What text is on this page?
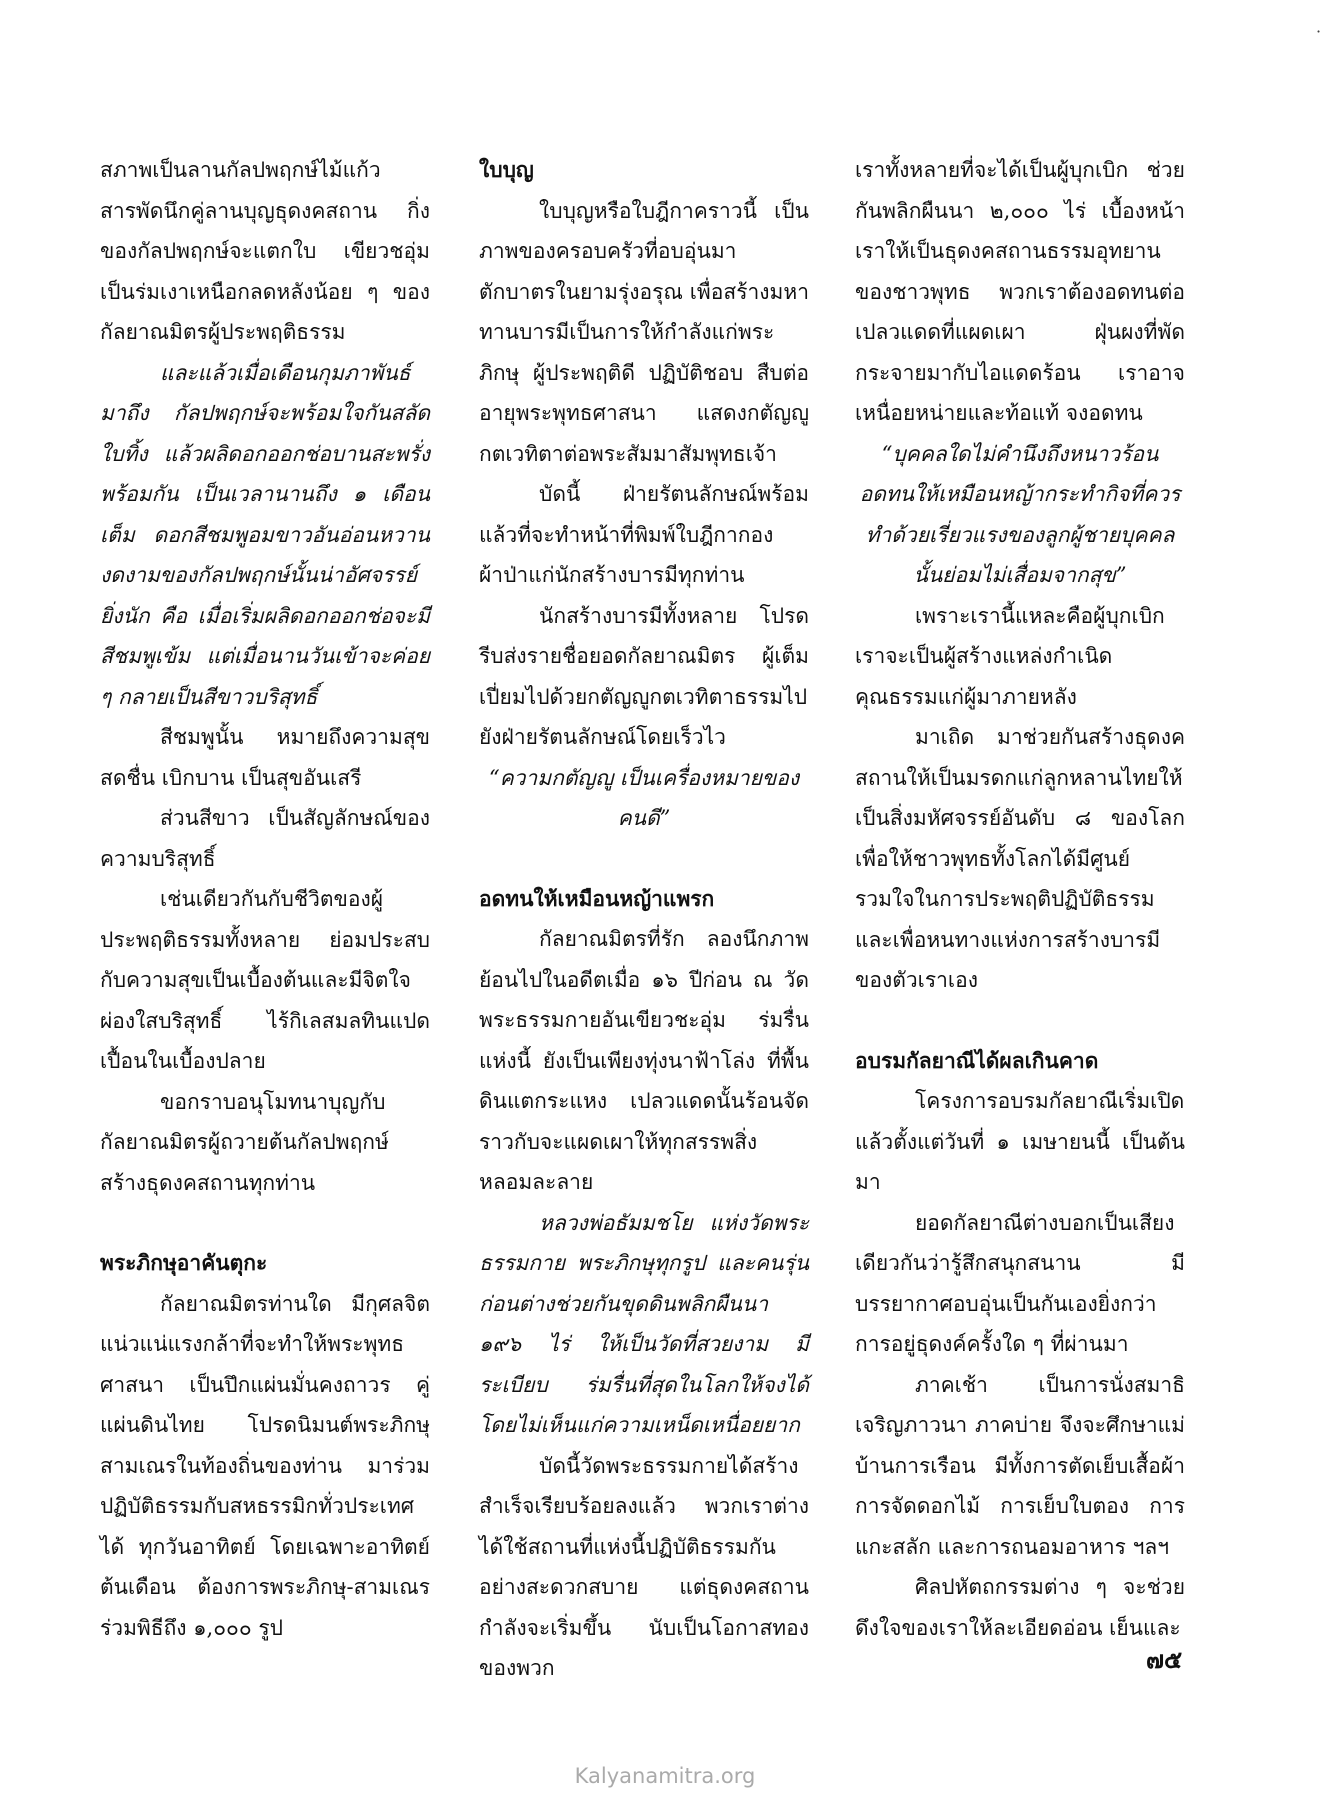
สภาพเป็นลานกัลปพฤกษ์ไม้แก้ว สารพัดนึกคู่ลานบุญธุดงคสถาน กิ่งของกัลปพฤกษ์จะแตกใบ เขียวชอุ่ม เป็นร่มเงาเหนือกลดหลังน้อย ๆ ของกัลยาณมิตรผู้ประพฤติธรรม

และแล้วเมื่อเดือนกุมภาพันธ์มาถึง กัลปพฤกษ์จะพร้อมใจกันสลัดใบทิ้ง แล้วผลิดอกออกช่อบานสะพรั่งพร้อมกัน เป็นเวลานานถึง ๑ เดือนเต็ม ดอกสีชมพูอมขาวอันอ่อนหวานงดงามของกัลปพฤกษ์นั้นน่าอัศจรรย์ยิ่งนัก คือ เมื่อเริ่มผลิดอกออกช่อจะมีสีชมพูเข้ม แต่เมื่อนานวันเข้าจะค่อย ๆ กลายเป็นสีขาวบริสุทธิ์

สีชมพูนั้น หมายถึงความสุขสดชื่น เบิกบาน เป็นสุขอันเสรี

ส่วนสีขาว เป็นสัญลักษณ์ของความบริสุทธิ์

เช่นเดียวกันกับชีวิตของผู้ประพฤติธรรมทั้งหลาย ย่อมประสบกับความสุขเป็นเบื้องต้นและมีจิตใจผ่องใสบริสุทธิ์ ไร้กิเลสมลทินแปดเปื้อนในเบื้องปลาย

ขอกราบอนุโมทนาบุญกับกัลยาณมิตรผู้ถวายต้นกัลปพฤกษ์สร้างธุดงคสถานทุกท่าน

พระภิกษุอาคันตุกะ

กัลยาณมิตรท่านใด มีกุศลจิตแน่วแน่แรงกล้าที่จะทำให้พระพุทธศาสนา เป็นปึกแผ่นมั่นคงถาวร คู่แผ่นดินไทย โปรดนิมนต์พระภิกษุสามเณรในท้องถิ่นของท่าน มาร่วมปฏิบัติธรรมกับสหธรรมิกทั่วประเทศ ได้ ทุกวันอาทิตย์ โดยเฉพาะอาทิตย์ต้นเดือน ต้องการพระภิกษุ-สามเณรร่วมพิธีถึง ๑,๐๐๐ รูป

ใบบุญ

ใบบุญหรือใบฎีกาคราวนี้ เป็นภาพของครอบครัวที่อบอุ่นมาตักบาตรในยามรุ่งอรุณ เพื่อสร้างมหาทานบารมีเป็นการให้กำลังแก่พระภิกษุ ผู้ประพฤติดี ปฏิบัติชอบ สืบต่ออายุพระพุทธศาสนา แสดงกตัญญูกตเวทิตาต่อพระสัมมาสัมพุทธเจ้า

บัดนี้ ฝ่ายรัตนลักษณ์พร้อมแล้วที่จะทำหน้าที่พิมพ์ใบฎีกากองผ้าป่าแก่นักสร้างบารมีทุกท่าน

นักสร้างบารมีทั้งหลาย โปรดรีบส่งรายชื่อยอดกัลยาณมิตร ผู้เต็มเปี่ยมไปด้วยกตัญญูกตเวทิตาธรรมไปยังฝ่ายรัตนลักษณ์โดยเร็วไว

“ความกตัญญู เป็นเครื่องหมายของคนดี”

อดทนให้เหมือนหญ้าแพรก

กัลยาณมิตรที่รัก ลองนึกภาพย้อนไปในอดีตเมื่อ ๑๖ ปีก่อน ณ วัดพระธรรมกายอันเขียวชะอุ่ม ร่มรื่นแห่งนี้ ยังเป็นเพียงทุ่งนาฟ้าโล่ง ที่พื้นดินแตกระแหง เปลวแดดนั้นร้อนจัดราวกับจะแผดเผาให้ทุกสรรพสิ่งหลอมละลาย

หลวงพ่อธัมมชโย แห่งวัดพระธรรมกาย พระภิกษุทุกรูป และคนรุ่นก่อนต่างช่วยกันขุดดินพลิกผืนนา ๑๙๖ ไร่ ให้เป็นวัดที่สวยงาม มีระเบียบ ร่มรื่นที่สุดในโลกให้จงได้ โดยไม่เห็นแก่ความเหน็ดเหนื่อยยาก

บัดนี้วัดพระธรรมกายได้สร้างสำเร็จเรียบร้อยลงแล้ว พวกเราต่างได้ใช้สถานที่แห่งนี้ปฏิบัติธรรมกันอย่างสะดวกสบาย แต่ธุดงคสถานกำลังจะเริ่มขึ้น นับเป็นโอกาสทองของพวก

เราทั้งหลายที่จะได้เป็นผู้บุกเบิก ช่วยกันพลิกผืนนา ๒,๐๐๐ ไร่ เบื้องหน้าเราให้เป็นธุดงคสถานธรรมอุทยานของชาวพุทธ พวกเราต้องอดทนต่อเปลวแดดที่แผดเผา ฝุ่นผงที่พัดกระจายมากับไอแดดร้อน เราอาจเหนื่อยหน่ายและท้อแท้ จงอดทน

“บุคคลใดไม่คำนึงถึงหนาวร้อนอดทนให้เหมือนหญ้ากระทำกิจที่ควรทำด้วยเรี่ยวแรงของลูกผู้ชายบุคคลนั้นย่อมไม่เสื่อมจากสุข”

เพราะเรานี้แหละคือผู้บุกเบิกเราจะเป็นผู้สร้างแหล่งกำเนิดคุณธรรมแก่ผู้มาภายหลัง

มาเถิด มาช่วยกันสร้างธุดงคสถานให้เป็นมรดกแก่ลูกหลานไทยให้เป็นสิ่งมหัศจรรย์อันดับ ๘ ของโลกเพื่อให้ชาวพุทธทั้งโลกได้มีศูนย์รวมใจในการประพฤติปฏิบัติธรรม และเพื่อหนทางแห่งการสร้างบารมีของตัวเราเอง

อบรมกัลยาณีได้ผลเกินคาด

โครงการอบรมกัลยาณีเริ่มเปิดแล้วตั้งแต่วันที่ ๑ เมษายนนี้ เป็นต้นมา

ยอดกัลยาณีต่างบอกเป็นเสียงเดียวกันว่ารู้สึกสนุกสนาน มีบรรยากาศอบอุ่นเป็นกันเองยิ่งกว่าการอยู่ธุดงค์ครั้งใด ๆ ที่ผ่านมา

ภาคเช้า เป็นการนั่งสมาธิ เจริญภาวนา ภาคบ่าย จึงจะศึกษาแม่บ้านการเรือน มีทั้งการตัดเย็บเสื้อผ้า การจัดดอกไม้ การเย็บใบตอง การแกะสลัก และการถนอมอาหาร ฯลฯ

ศิลปหัตถกรรมต่าง ๆ จะช่วยดึงใจของเราให้ละเอียดอ่อน เย็นและ

๗๕
Kalyanamitra.org
·
